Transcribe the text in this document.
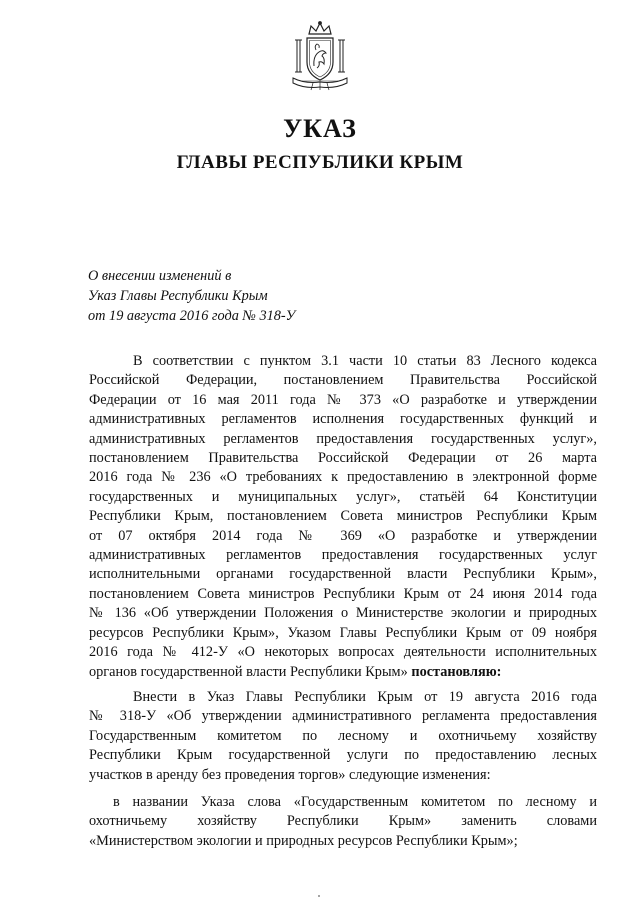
УКАЗ
ГЛАВЫ РЕСПУБЛИКИ КРЫМ
О внесении изменений в
Указ Главы Республики Крым
от 19 августа 2016 года № 318-У
В соответствии с пунктом 3.1 части 10 статьи 83 Лесного кодекса
Российской Федерации, постановлением Правительства Российской
Федерации от 16 мая 2011 года № 373 «О разработке и утверждении
административных регламентов исполнения государственных функций и
административных регламентов предоставления государственных услуг»,
постановлением Правительства Российской Федерации от 26 марта
2016 года № 236 «О требованиях к предоставлению в электронной форме
государственных и муниципальных услуг», статьёй 64 Конституции
Республики Крым, постановлением Совета министров Республики Крым
от 07 октября 2014 года № 369 «О разработке и утверждении
административных регламентов предоставления государственных услуг
исполнительными органами государственной власти Республики Крым»,
постановлением Совета министров Республики Крым от 24 июня 2014 года
№ 136 «Об утверждении Положения о Министерстве экологии и природных
ресурсов Республики Крым», Указом Главы Республики Крым от 09 ноября
2016 года № 412-У «О некоторых вопросах деятельности исполнительных
органов государственной власти Республики Крым» постановляю:
Внести в Указ Главы Республики Крым от 19 августа 2016 года
№ 318-У «Об утверждении административного регламента предоставления
Государственным комитетом по лесному и охотничьему хозяйству
Республики Крым государственной услуги по предоставлению лесных
участков в аренду без проведения торгов» следующие изменения:
в названии Указа слова «Государственным комитетом по лесному и
охотничьему хозяйству Республики Крым» заменить словами
«Министерством экологии и природных ресурсов Республики Крым»;
